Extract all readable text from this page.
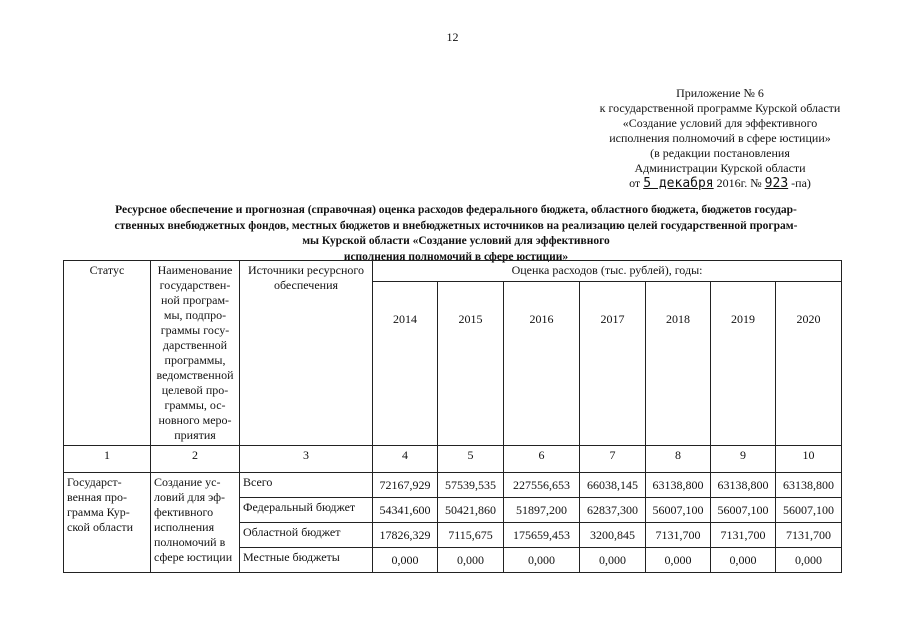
12
Приложение № 6
к государственной программе Курской области
«Создание условий для эффективного
исполнения полномочий в сфере юстиции»
(в редакции постановления
Администрации Курской области
от 5 декабря 2016г. № 923 -па)
Ресурсное обеспечение и прогнозная (справочная) оценка расходов федерального бюджета, областного бюджета, бюджетов государ-
ственных внебюджетных фондов, местных бюджетов и внебюджетных источников на реализацию целей государственной програм-
мы Курской области «Создание условий для эффективного
исполнения полномочий в сфере юстиции»
Статус	Наименование государствен-ной програм-мы, подпро-граммы госу-дарственной программы, ведомственной целевой про-граммы, ос-новного меро-приятия	Источники ресурсного обеспечения	Оценка расходов (тыс. рублей), годы:						
			2014	2015	2016	2017	2018	2019	2020
1	2	3	4	5	6	7	8	9	10
Государст-венная про-грамма Кур-ской области	Создание ус-ловий для эф-фективного исполнения полномочий в сфере юстиции	Всего	72167,929	57539,535	227556,653	66038,145	63138,800	63138,800	63138,800
		Федеральный бюджет	54341,600	50421,860	51897,200	62837,300	56007,100	56007,100	56007,100
		Областной бюджет	17826,329	7115,675	175659,453	3200,845	7131,700	7131,700	7131,700
		Местные бюджеты	0,000	0,000	0,000	0,000	0,000	0,000	0,000
